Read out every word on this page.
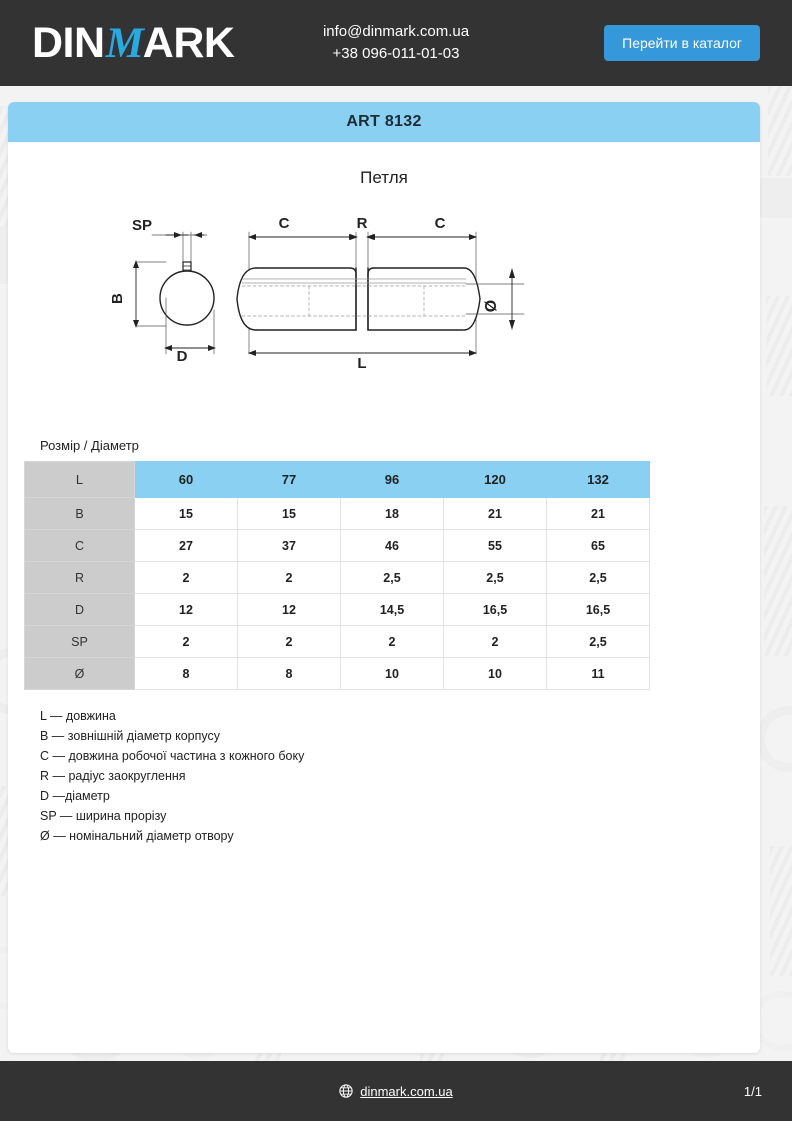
DINMARK	info@dinmark.com.ua
+38 096-011-01-03
Перейти в каталог
ART 8132
Петля
SP
B
D
C	R	C
L
Ø
Розмір / Діаметр
L	60	77	96	120	132
B	15	15	18	21	21
C	27	37	46	55	65
R	2	2	2,5	2,5	2,5
D	12	12	14,5	16,5	16,5
SP	2	2	2	2	2,5
Ø	8	8	10	10	11
L — довжина
B — зовнішній діаметр корпусу
C — довжина робочої частина з кожного боку
R — радіус заокруглення
D —діаметр
SP — ширина прорізу
Ø — номінальний діаметр отвору
dinmark.com.ua	1/1
